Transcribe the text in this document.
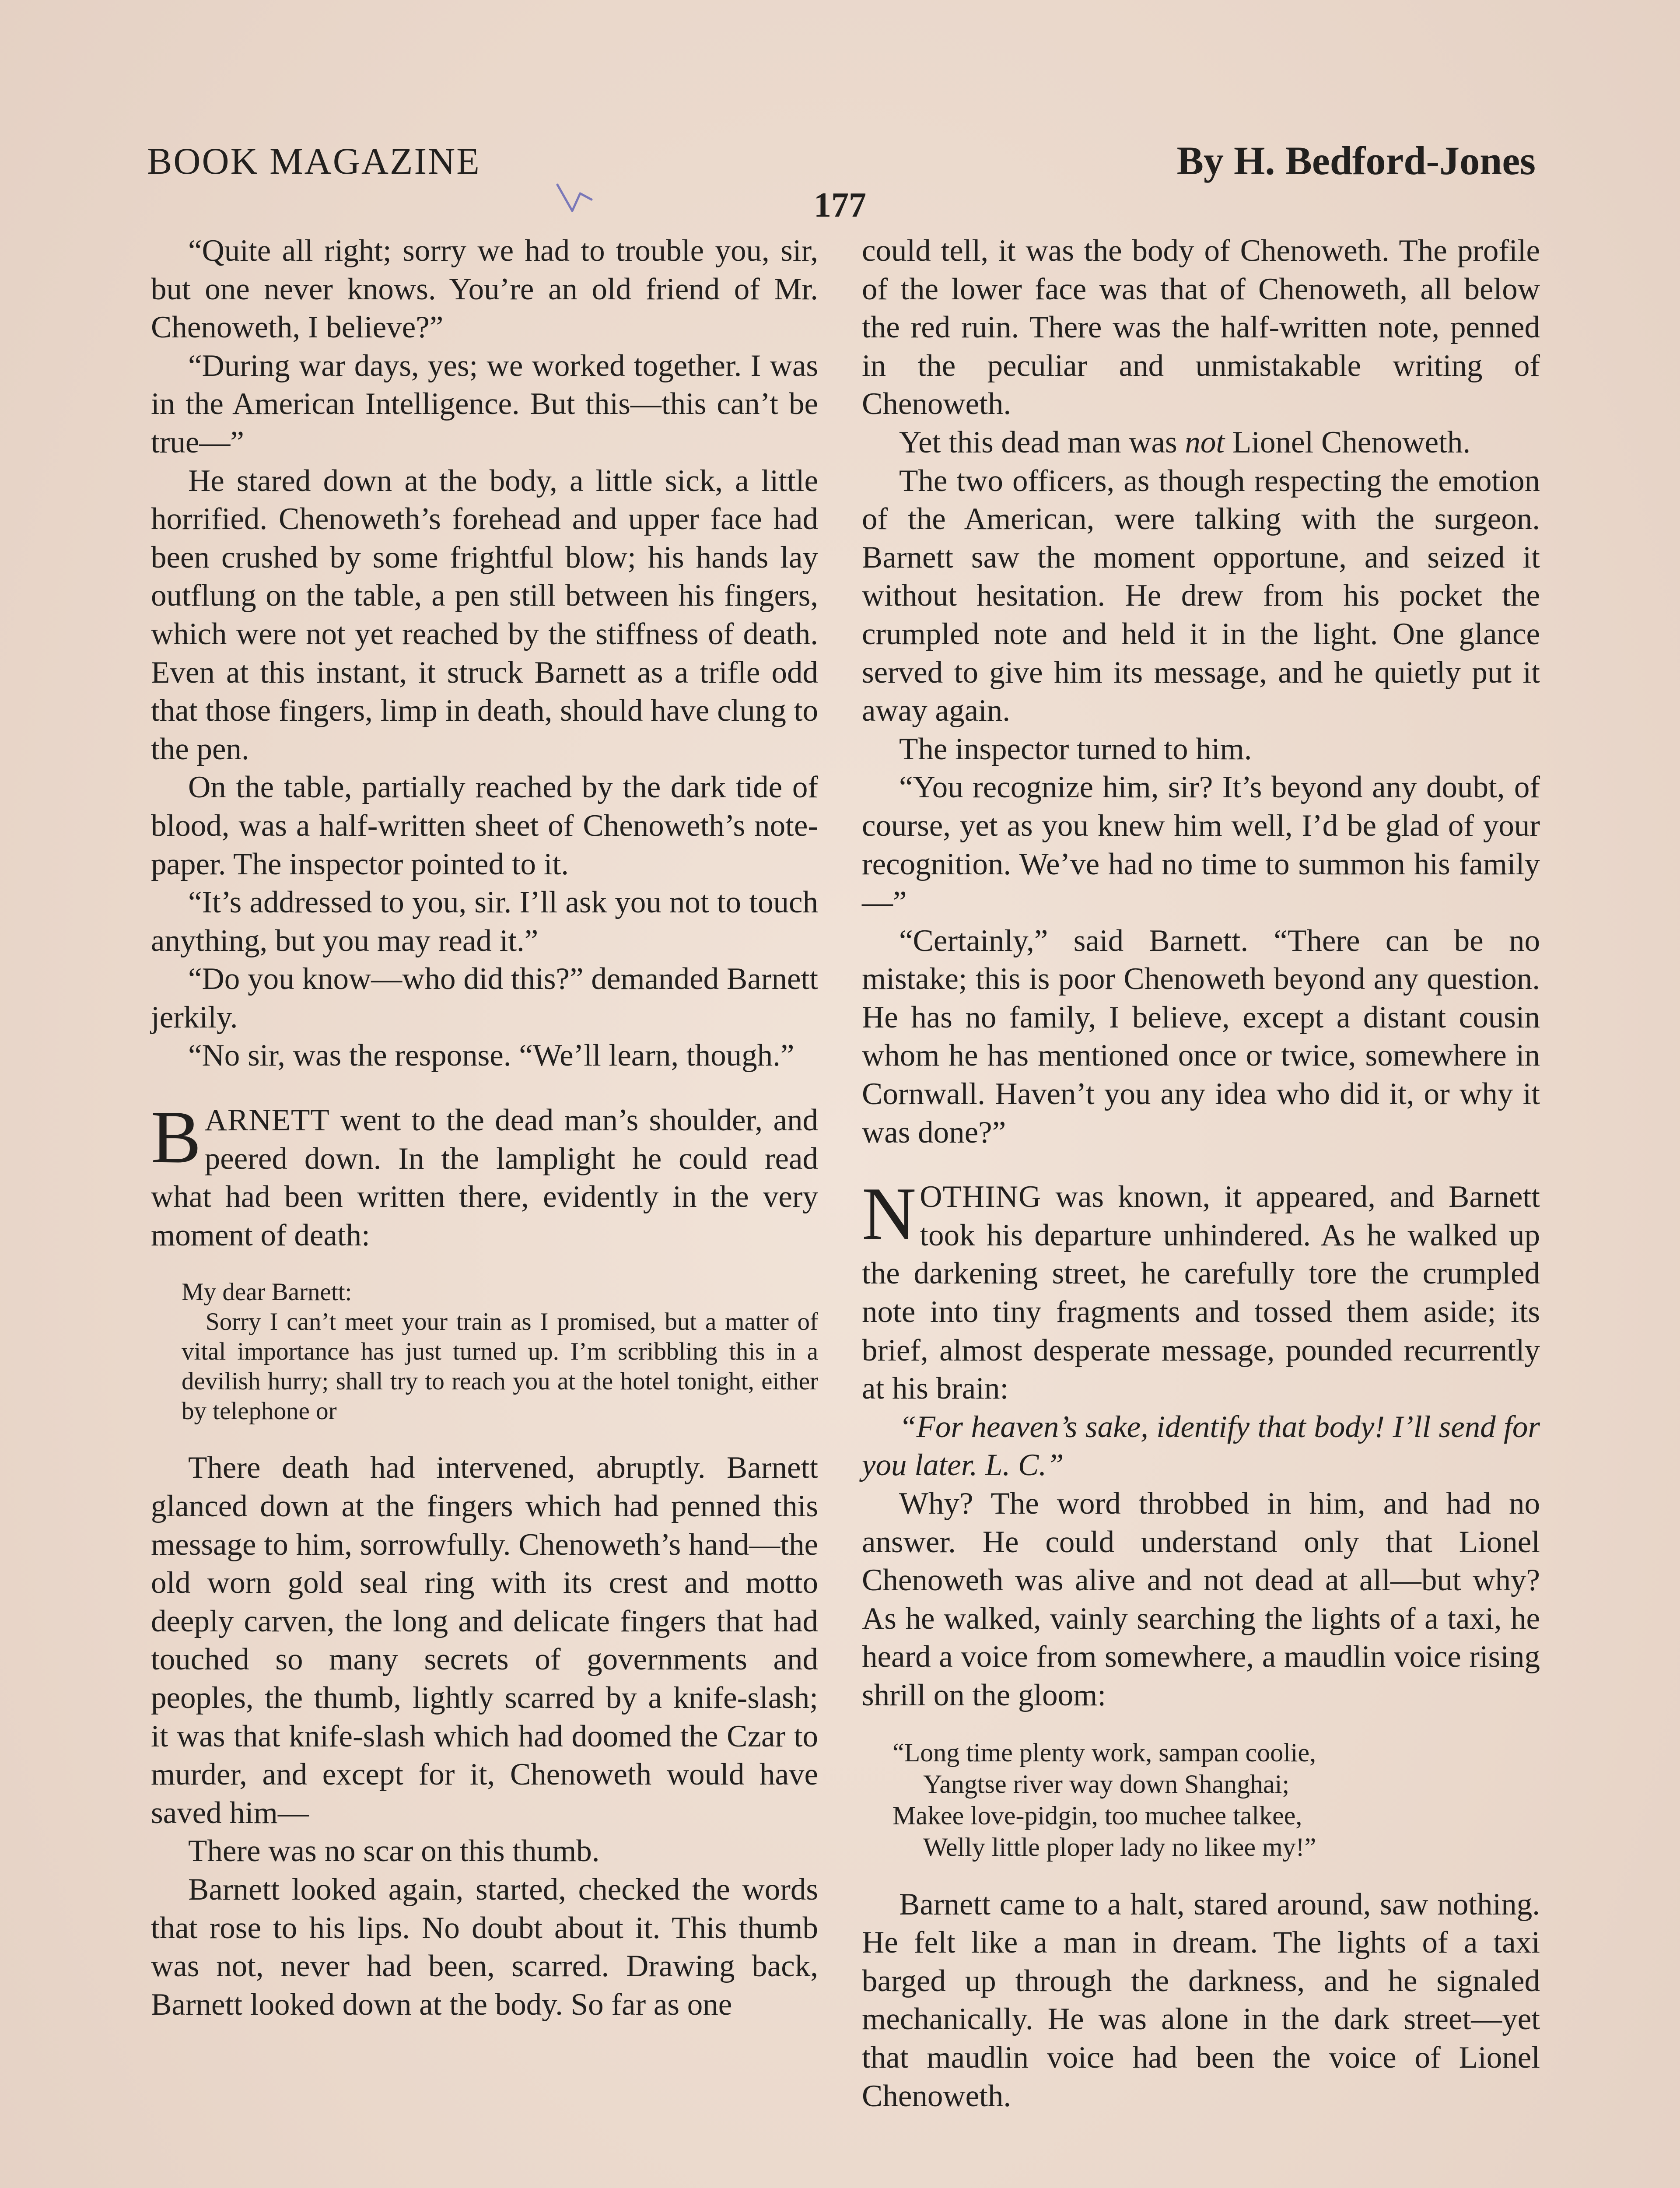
BOOK MAGAZINE	By H. Bedford-Jones
177

“Quite all right; sorry we had to trouble you, sir, but one never knows. You’re an old friend of Mr. Chenoweth, I believe?”

“During war days, yes; we worked together. I was in the American Intelligence. But this—this can’t be true—”

He stared down at the body, a little sick, a little horrified. Chenoweth’s forehead and upper face had been crushed by some frightful blow; his hands lay outflung on the table, a pen still between his fingers, which were not yet reached by the stiffness of death. Even at this instant, it struck Barnett as a trifle odd that those fingers, limp in death, should have clung to the pen.

On the table, partially reached by the dark tide of blood, was a half-written sheet of Chenoweth’s note-paper. The inspector pointed to it.

“It’s addressed to you, sir. I’ll ask you not to touch anything, but you may read it.”

“Do you know—who did this?” demanded Barnett jerkily.

“No sir, was the response. “We’ll learn, though.”

BARNETT went to the dead man’s shoulder, and peered down. In the lamplight he could read what had been written there, evidently in the very moment of death:

My dear Barnett:
Sorry I can’t meet your train as I promised, but a matter of vital importance has just turned up. I’m scribbling this in a devilish hurry; shall try to reach you at the hotel tonight, either by telephone or

There death had intervened, abruptly. Barnett glanced down at the fingers which had penned this message to him, sorrowfully. Chenoweth’s hand—the old worn gold seal ring with its crest and motto deeply carven, the long and delicate fingers that had touched so many secrets of governments and peoples, the thumb, lightly scarred by a knife-slash; it was that knife-slash which had doomed the Czar to murder, and except for it, Chenoweth would have saved him—

There was no scar on this thumb.

Barnett looked again, started, checked the words that rose to his lips. No doubt about it. This thumb was not, never had been, scarred. Drawing back, Barnett looked down at the body. So far as one

could tell, it was the body of Chenoweth. The profile of the lower face was that of Chenoweth, all below the red ruin. There was the half-written note, penned in the peculiar and unmistakable writing of Chenoweth.

Yet this dead man was not Lionel Chenoweth.

The two officers, as though respecting the emotion of the American, were talking with the surgeon. Barnett saw the moment opportune, and seized it without hesitation. He drew from his pocket the crumpled note and held it in the light. One glance served to give him its message, and he quietly put it away again.

The inspector turned to him.

“You recognize him, sir? It’s beyond any doubt, of course, yet as you knew him well, I’d be glad of your recognition. We’ve had no time to summon his family—”

“Certainly,” said Barnett. “There can be no mistake; this is poor Chenoweth beyond any question. He has no family, I believe, except a distant cousin whom he has mentioned once or twice, somewhere in Cornwall. Haven’t you any idea who did it, or why it was done?”

NOTHING was known, it appeared, and Barnett took his departure unhindered. As he walked up the darkening street, he carefully tore the crumpled note into tiny fragments and tossed them aside; its brief, almost desperate message, pounded recurrently at his brain:

“For heaven’s sake, identify that body! I’ll send for you later. L. C.”

Why? The word throbbed in him, and had no answer. He could understand only that Lionel Chenoweth was alive and not dead at all—but why? As he walked, vainly searching the lights of a taxi, he heard a voice from somewhere, a maudlin voice rising shrill on the gloom:

“Long time plenty work, sampan coolie,
Yangtse river way down Shanghai;
Makee love-pidgin, too muchee talkee,
Welly little ploper lady no likee my!”

Barnett came to a halt, stared around, saw nothing. He felt like a man in dream. The lights of a taxi barged up through the darkness, and he signaled mechanically. He was alone in the dark street—yet that maudlin voice had been the voice of Lionel Chenoweth.
